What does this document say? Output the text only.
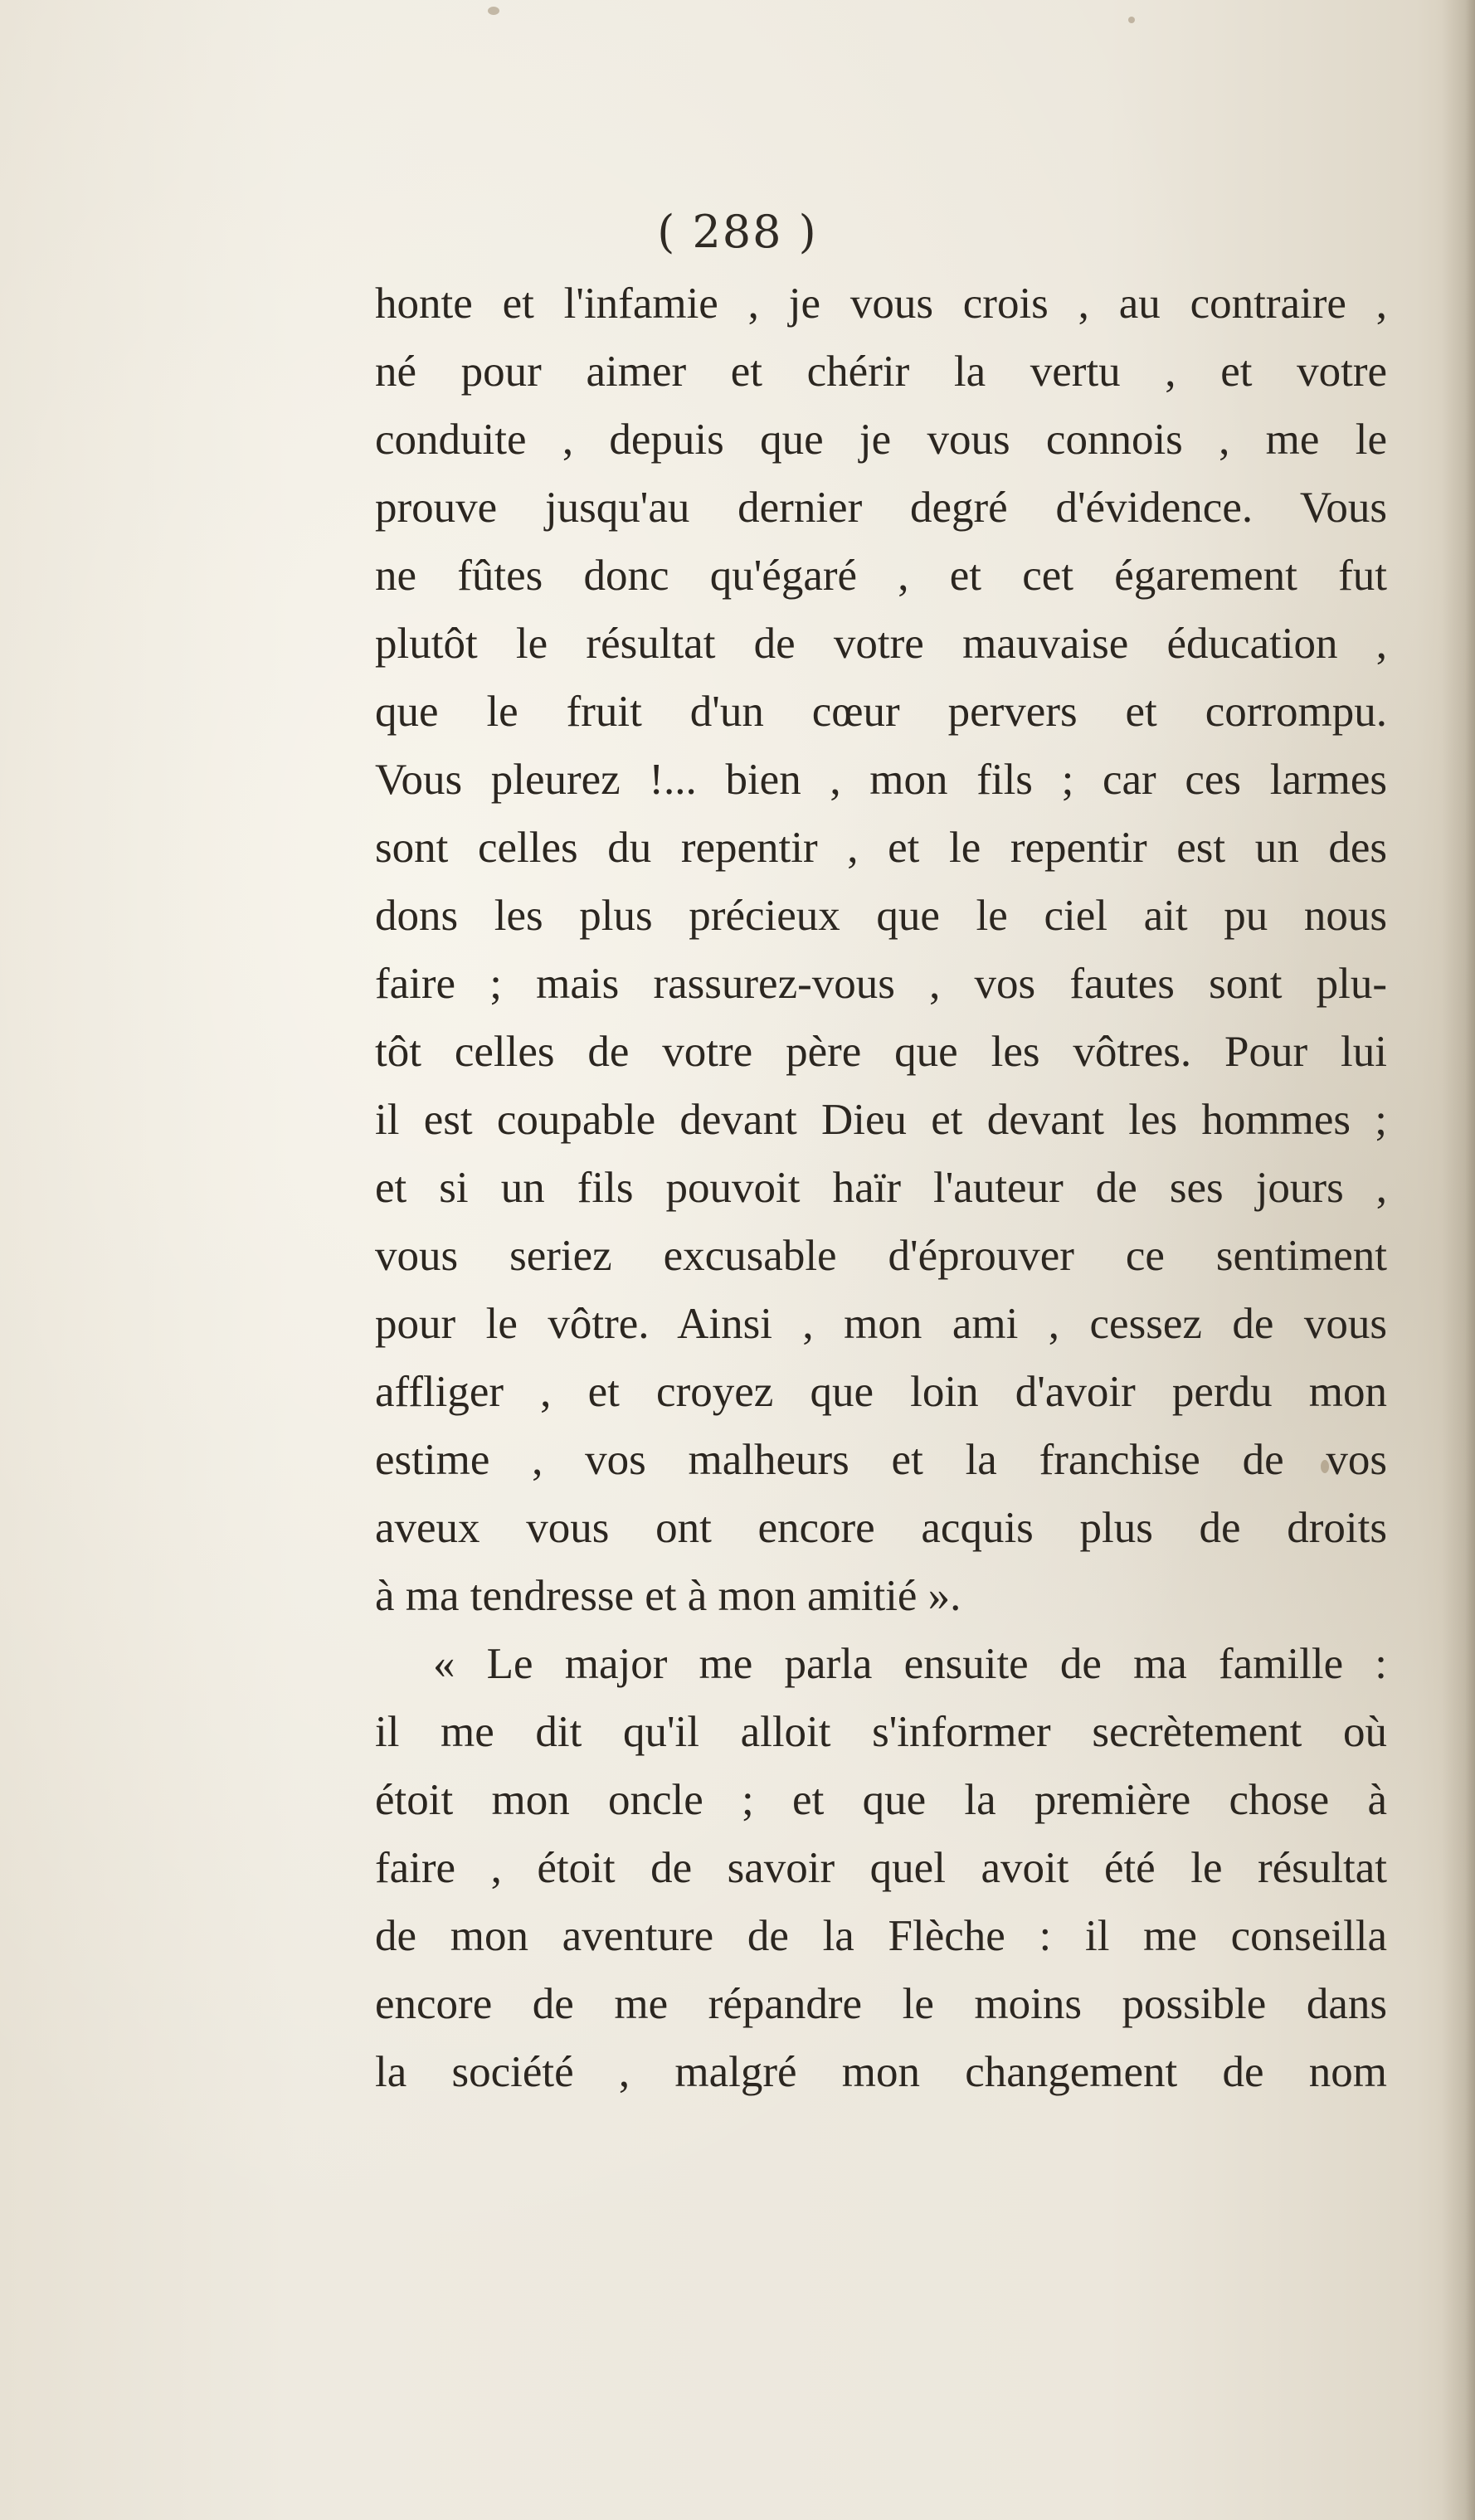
( 288 )
honte et l'infamie , je vous crois , au contraire ,
né pour aimer et chérir la vertu , et votre
conduite , depuis que je vous connois , me le
prouve jusqu'au dernier degré d'évidence. Vous
ne fûtes donc qu'égaré , et cet égarement fut
plutôt le résultat de votre mauvaise éducation ,
que le fruit d'un cœur pervers et corrompu.
Vous pleurez !... bien , mon fils ; car ces larmes
sont celles du repentir , et le repentir est un des
dons les plus précieux que le ciel ait pu nous
faire ; mais rassurez-vous , vos fautes sont plu-
tôt celles de votre père que les vôtres. Pour lui
il est coupable devant Dieu et devant les hommes ;
et si un fils pouvoit haïr l'auteur de ses jours ,
vous seriez excusable d'éprouver ce sentiment
pour le vôtre. Ainsi , mon ami , cessez de vous
affliger , et croyez que loin d'avoir perdu mon
estime , vos malheurs et la franchise de vos
aveux vous ont encore acquis plus de droits
à ma tendresse et à mon amitié ».
« Le major me parla ensuite de ma famille :
il me dit qu'il alloit s'informer secrètement où
étoit mon oncle ; et que la première chose à
faire , étoit de savoir quel avoit été le résultat
de mon aventure de la Flèche : il me conseilla
encore de me répandre le moins possible dans
la société , malgré mon changement de nom
